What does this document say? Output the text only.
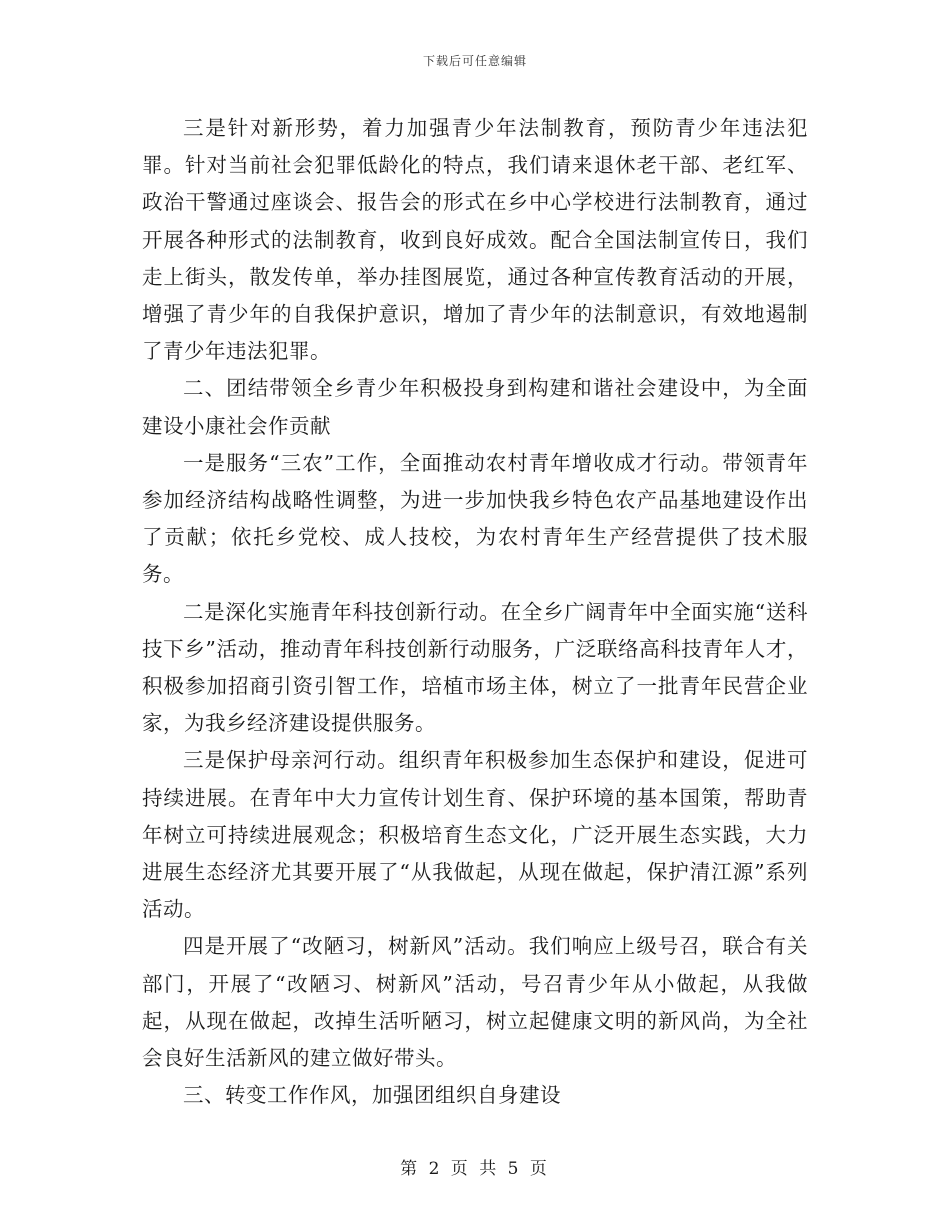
下载后可任意编辑

三是针对新形势，着力加强青少年法制教育，预防青少年违法犯罪。针对当前社会犯罪低龄化的特点，我们请来退休老干部、老红军、政治干警通过座谈会、报告会的形式在乡中心学校进行法制教育，通过开展各种形式的法制教育，收到良好成效。配合全国法制宣传日，我们走上街头，散发传单，举办挂图展览，通过各种宣传教育活动的开展，增强了青少年的自我保护意识，增加了青少年的法制意识，有效地遏制了青少年违法犯罪。

二、团结带领全乡青少年积极投身到构建和谐社会建设中，为全面建设小康社会作贡献

一是服务“三农”工作，全面推动农村青年增收成才行动。带领青年参加经济结构战略性调整，为进一步加快我乡特色农产品基地建设作出了贡献；依托乡党校、成人技校，为农村青年生产经营提供了技术服务。

二是深化实施青年科技创新行动。在全乡广阔青年中全面实施“送科技下乡”活动，推动青年科技创新行动服务，广泛联络高科技青年人才，积极参加招商引资引智工作，培植市场主体，树立了一批青年民营企业家，为我乡经济建设提供服务。

三是保护母亲河行动。组织青年积极参加生态保护和建设，促进可持续进展。在青年中大力宣传计划生育、保护环境的基本国策，帮助青年树立可持续进展观念；积极培育生态文化，广泛开展生态实践，大力进展生态经济尤其要开展了“从我做起，从现在做起，保护清江源”系列活动。

四是开展了“改陋习，树新风”活动。我们响应上级号召，联合有关部门，开展了“改陋习、树新风”活动，号召青少年从小做起，从我做起，从现在做起，改掉生活听陋习，树立起健康文明的新风尚，为全社会良好生活新风的建立做好带头。

三、转变工作作风，加强团组织自身建设

第 2 页 共 5 页
